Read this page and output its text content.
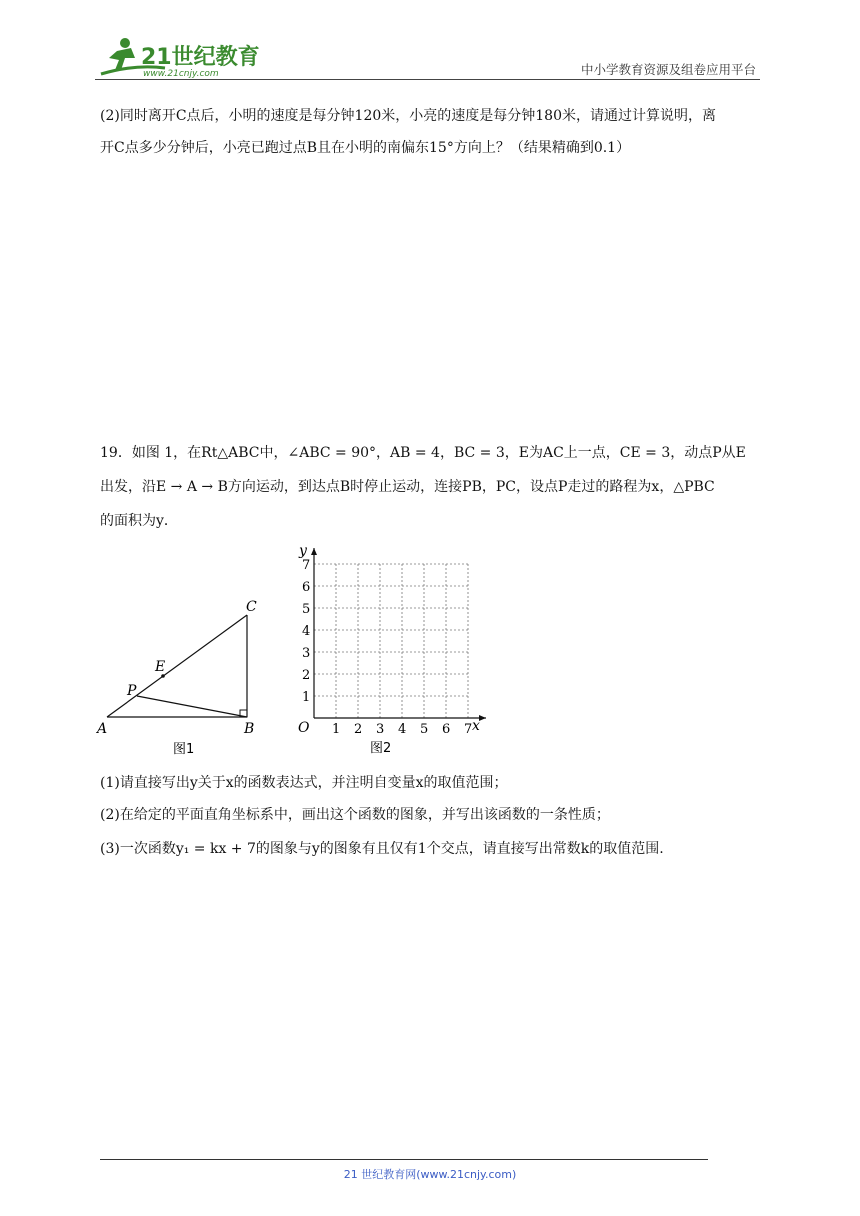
21世纪教育
www.21cnjy.com	中小学教育资源及组卷应用平台
(2)同时离开C点后，小明的速度是每分钟120米，小亮的速度是每分钟180米，请通过计算说明，离
开C点多少分钟后，小亮已跑过点B且在小明的南偏东15°方向上？（结果精确到0.1）
19．如图 1，在Rt△ABC中，∠ABC = 90°，AB = 4，BC = 3，E为AC上一点，CE = 3，动点P从E
出发，沿E → A → B方向运动，到达点B时停止运动，连接PB，PC，设点P走过的路程为x，△PBC
的面积为y．
A	B
C
E
P
图1
1 2 3 4 5 6 7
1
2
3
4
5
6
7
O	x
y
图2
(1)请直接写出y关于x的函数表达式，并注明自变量x的取值范围；
(2)在给定的平面直角坐标系中，画出这个函数的图象，并写出该函数的一条性质；
(3)一次函数y₁ = kx + 7的图象与y的图象有且仅有1个交点，请直接写出常数k的取值范围.
21 世纪教育网(www.21cnjy.com)
